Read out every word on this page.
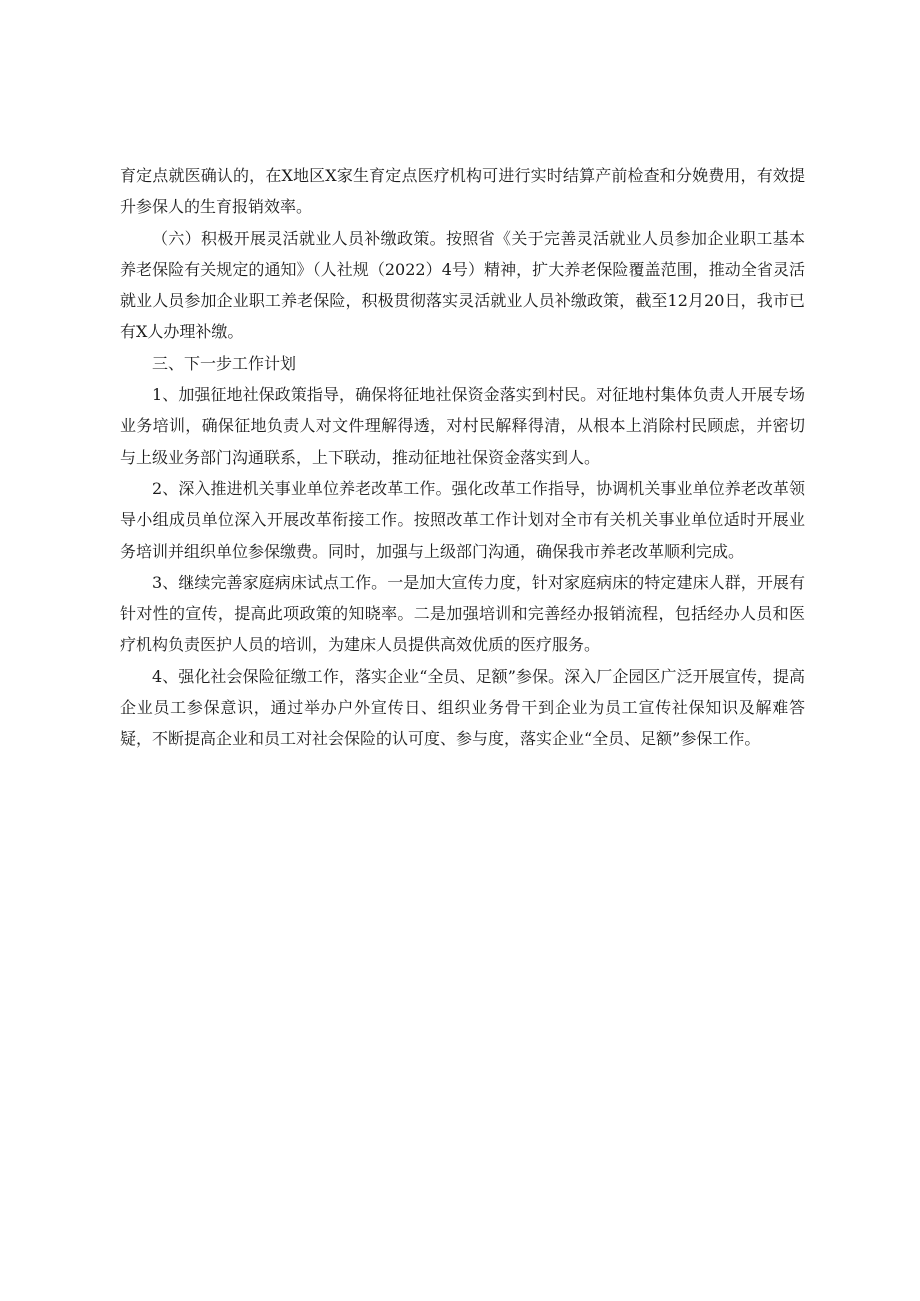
育定点就医确认的，在X地区X家生育定点医疗机构可进行实时结算产前检查和分娩费用，有效提升参保人的生育报销效率。

（六）积极开展灵活就业人员补缴政策。按照省《关于完善灵活就业人员参加企业职工基本养老保险有关规定的通知》（人社规（2022）4号）精神，扩大养老保险覆盖范围，推动全省灵活就业人员参加企业职工养老保险，积极贯彻落实灵活就业人员补缴政策，截至12月20日，我市已有X人办理补缴。

三、下一步工作计划

1、加强征地社保政策指导，确保将征地社保资金落实到村民。对征地村集体负责人开展专场业务培训，确保征地负责人对文件理解得透，对村民解释得清，从根本上消除村民顾虑，并密切与上级业务部门沟通联系，上下联动，推动征地社保资金落实到人。

2、深入推进机关事业单位养老改革工作。强化改革工作指导，协调机关事业单位养老改革领导小组成员单位深入开展改革衔接工作。按照改革工作计划对全市有关机关事业单位适时开展业务培训并组织单位参保缴费。同时，加强与上级部门沟通，确保我市养老改革顺利完成。

3、继续完善家庭病床试点工作。一是加大宣传力度，针对家庭病床的特定建床人群，开展有针对性的宣传，提高此项政策的知晓率。二是加强培训和完善经办报销流程，包括经办人员和医疗机构负责医护人员的培训，为建床人员提供高效优质的医疗服务。

4、强化社会保险征缴工作，落实企业“全员、足额”参保。深入厂企园区广泛开展宣传，提高企业员工参保意识，通过举办户外宣传日、组织业务骨干到企业为员工宣传社保知识及解难答疑，不断提高企业和员工对社会保险的认可度、参与度，落实企业“全员、足额”参保工作。
